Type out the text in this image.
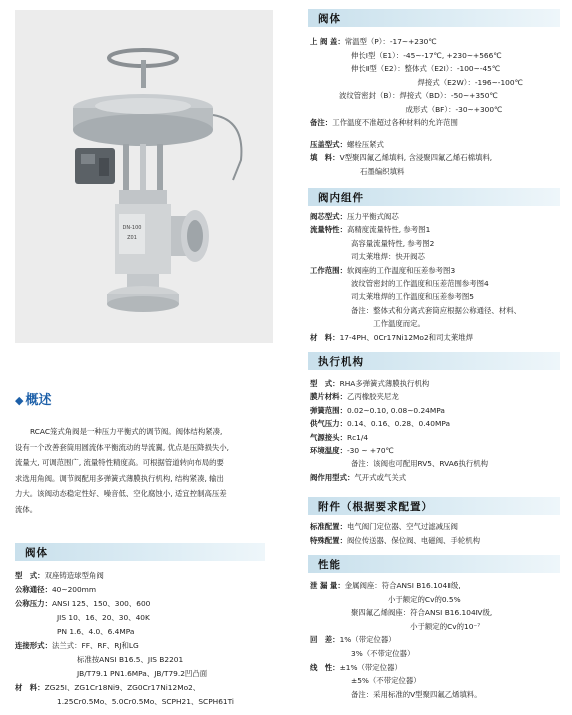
DN-100
Z01
◆ 概述
RCAC笼式角阀是一种压力平衡式的调节阀。阀体结构紧凑,
设有一个改善套筒用圆流体平衡流动的导流翼, 优点是压降损失小,
流量大, 可调范围广, 流量特性精度高。可根据管道转向布局的要
求选用角阀。调节阀配用多弹簧式薄膜执行机构, 结构紧凑, 输出
力大。该阀动态稳定性好、噪音低、空化腐蚀小, 适宜控制高压差
流体。
阀体
型　式：双座铸造球型角阀
公称通径：40~200mm
公称压力：ANSI 125、150、300、600
JIS 10、16、20、30、40K
PN 1.6、4.0、6.4MPa
连接形式：法兰式：FF、RF、RJ和LG
标准按ANSI B16.5、JIS B2201
JB/T79.1 PN1.6MPa、JB/T79.2凹凸面
材　料：ZG25I、ZG1Cr18Ni9、ZG0Cr17Ni12Mo2、
1.25Cr0.5Mo、5.0Cr0.5Mo、SCPH21、SCPH61Ti
阀体
上 阀 盖：常温型（P）：-17~+230℃
伸长Ⅰ型（E1）：-45~-17℃, +230~+566℃
伸长Ⅱ型（E2）：整体式（E2I）：-100~-45℃
　　　　　　　　　焊接式（E2W）：-196~-100℃
波纹管密封（B）：焊接式（BD）：-50~+350℃
　　　　　　　　　成形式（BF）：-30~+300℃
备注：工作温度不准超过各种材料的允许范围
压盖型式：螺栓压紧式
填　料：V型聚四氟乙烯填料, 含浸聚四氟乙烯石棉填料,
石墨编织填料
阀内组件
阀芯型式：压力平衡式阀芯
流量特性：高精度流量特性, 参考图1
高容量流量特性, 参考图2
司太莱堆焊：快开阀芯
工作范围：软阀座的工作温度和压差参考图3
波纹管密封的工作温度和压差范围参考图4
司太莱堆焊的工作温度和压差参考图5
备注：整体式和分离式套筒应根据公称通径、材料、
　　　工作温度而定。
材　料：17-4PH、0Cr17Ni12Mo2和司太莱堆焊
执行机构
型　式：RHA多弹簧式薄膜执行机构
膜片材料：乙丙橡胶夹尼龙
弹簧范围：0.02~0.10, 0.08~0.24MPa
供气压力：0.14、0.16、0.28、0.40MPa
气源接头：Rc1/4
环境温度：-30 ~ +70℃
备注：该阀也可配用RV5、RVA6执行机构
阀作用型式：气开式或气关式
附件（根据要求配置）
标准配置：电气阀门定位器、空气过滤减压阀
特殊配置：阀位传送器、保位阀、电磁阀、手轮机构
性能
泄 漏 量：金属阀座：符合ANSI B16.104Ⅱ级,
　　　　　小于额定的Cv的0.5%
聚四氟乙烯阀座：符合ANSI B16.104Ⅳ级,
　　　　　　　　小于额定的Cv的10⁻⁷
回　差：1%（带定位器）
3%（不带定位器）
线　性：±1%（带定位器）
±5%（不带定位器）
备注：采用标准的V型聚四氟乙烯填料。
